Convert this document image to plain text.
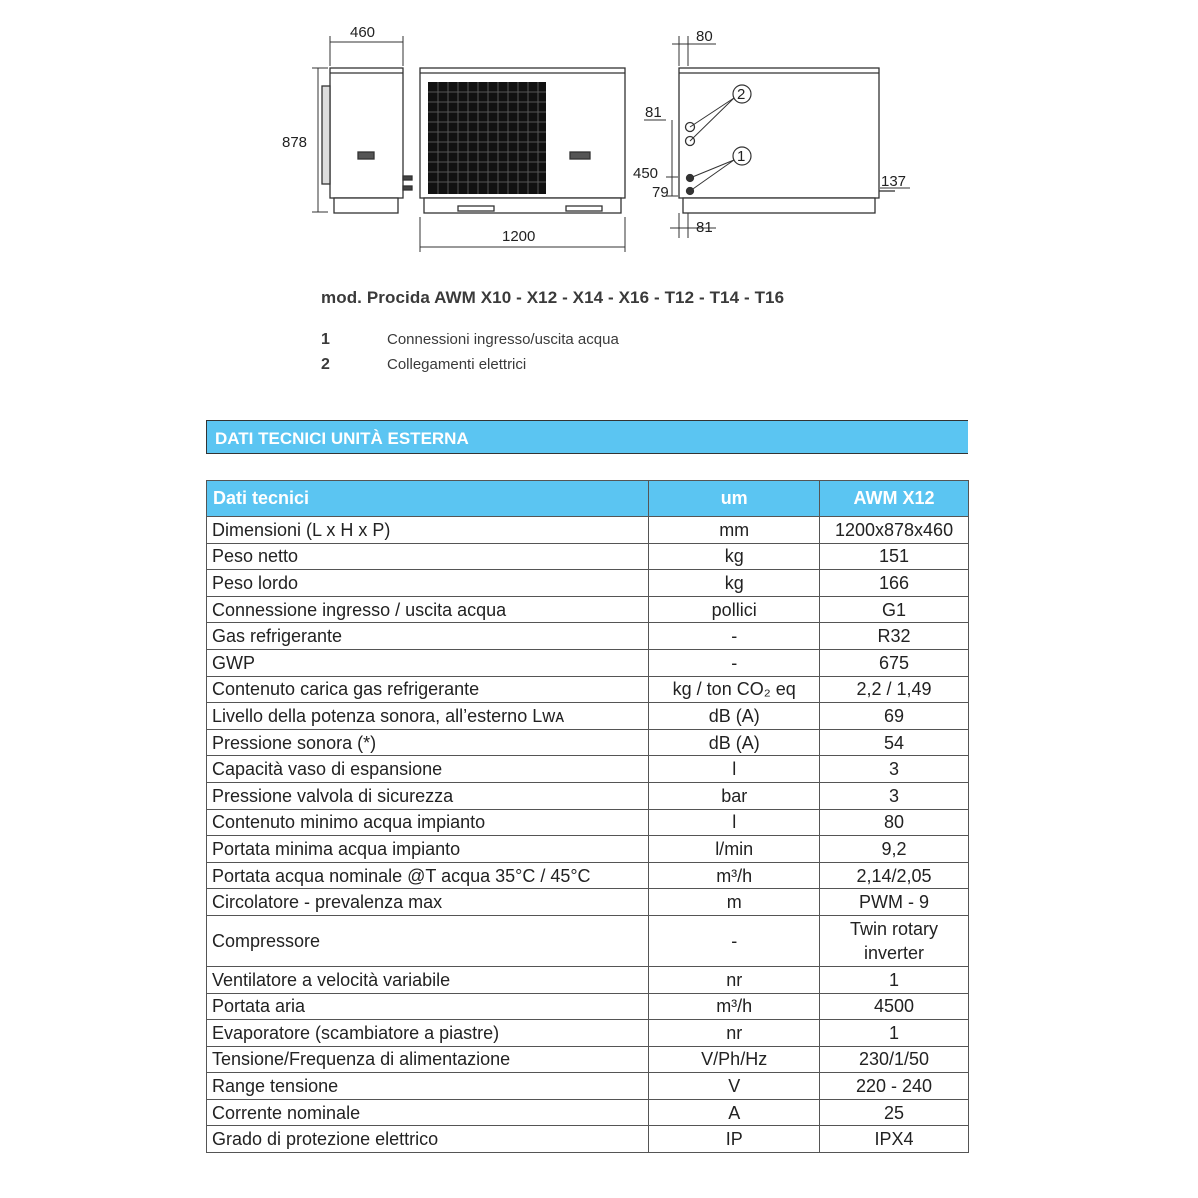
460
878
1200
2
1
80
81
450
79
81
137
mod. Procida AWM X10 - X12 - X14 - X16 - T12 - T14 - T16
1	Connessioni ingresso/uscita acqua
2	Collegamenti elettrici
DATI TECNICI UNITÀ ESTERNA
Dati tecnici	um	AWM X12
Dimensioni (L x H x P)	mm	1200x878x460
Peso netto	kg	151
Peso lordo	kg	166
Connessione ingresso / uscita acqua	pollici	G1
Gas refrigerante	-	R32
GWP	-	675
Contenuto carica gas refrigerante	kg / ton CO₂ eq	2,2 / 1,49
Livello della potenza sonora, all’esterno Lᴡᴀ	dB (A)	69
Pressione sonora (*)	dB (A)	54
Capacità vaso di espansione	l	3
Pressione valvola di sicurezza	bar	3
Contenuto minimo acqua impianto	l	80
Portata minima acqua impianto	l/min	9,2
Portata acqua nominale @T acqua 35°C / 45°C	m³/h	2,14/2,05
Circolatore - prevalenza max	m	PWM - 9
Compressore	-	Twin rotary inverter
Ventilatore a velocità variabile	nr	1
Portata aria	m³/h	4500
Evaporatore (scambiatore a piastre)	nr	1
Tensione/Frequenza di alimentazione	V/Ph/Hz	230/1/50
Range tensione	V	220 - 240
Corrente nominale	A	25
Grado di protezione elettrico	IP	IPX4
